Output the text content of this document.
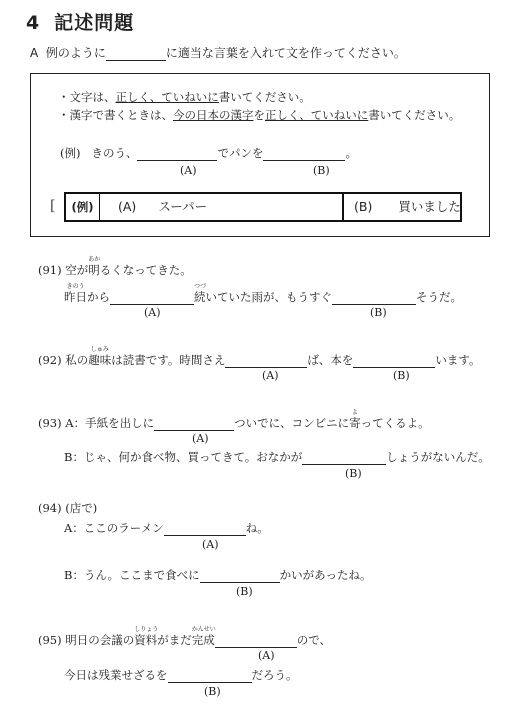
4 記述問題
A 例のように	に適当な言葉を入れて文を作ってください。
・文字は、正しく、ていねいに書いてください。
・漢字で書くときは、今の日本の漢字を正しく、ていねいに書いてください。
(例) きのう、	でパンを	。
(A)	(B)
[	(例)	(A) スーパー	(B) 買いました
(91) 空が
あか
明るくなってきた。
きのう
昨日から
つづ
続いていた雨が、もうすぐ	そうだ。
(A)	(B)
(92) 私の
しゅみ
趣味は読書です。時間さえ	ば、本を	います。
(A)	(B)
(93) A：手紙を出しに	ついでに、コンビニに
よ
寄ってくるよ。
(A)
B：じゃ、何か食べ物、買ってきて。おなかが	しょうがないんだ。
(B)
(94) (店で)
A：ここのラーメン	ね。
(A)
B：うん。ここまで食べに	かいがあったね。
(B)
(95) 明日の会議の
しりょう
資料がまだ
かんせい
完成	ので、
(A)
今日は残業せざるを	だろう。
(B)
